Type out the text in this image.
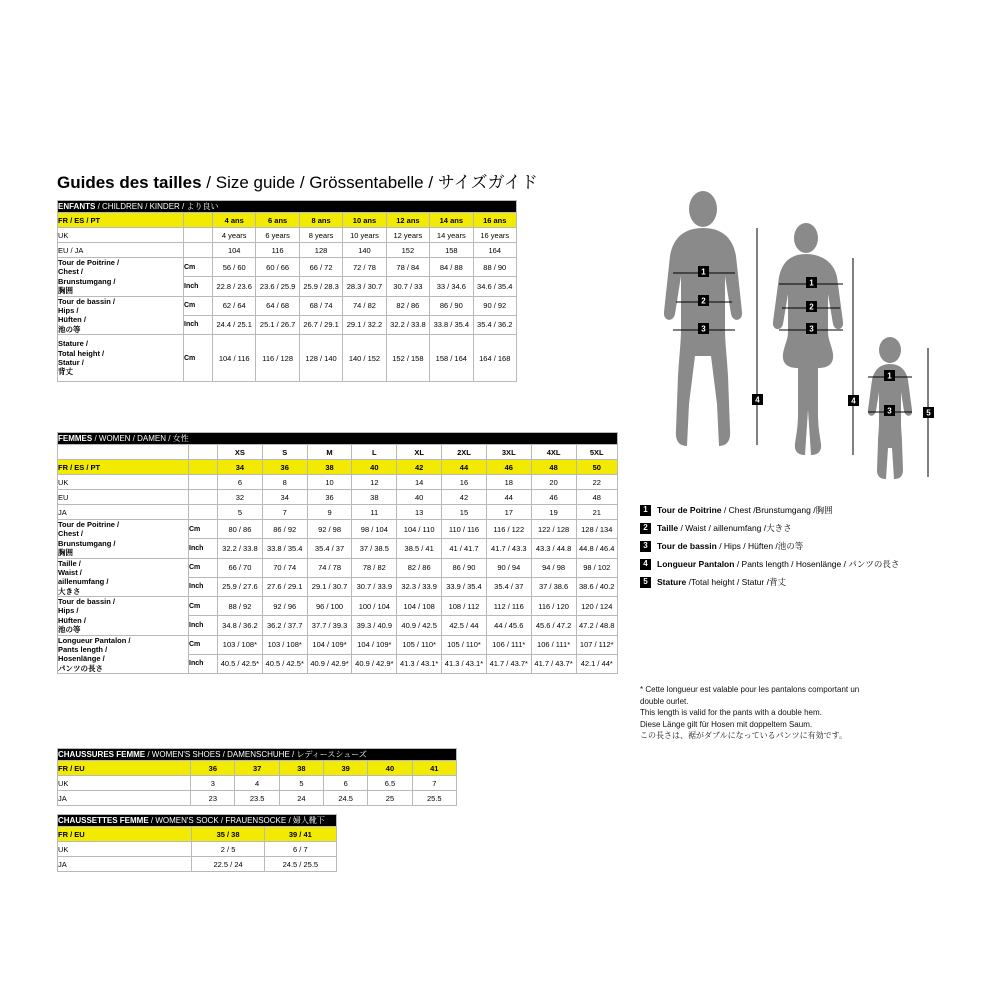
Guides des tailles / Size guide / Grössentabelle / サイズガイド
ENFANTS / CHILDREN / KINDER / より良い								
FR / ES / PT		4 ans	6 ans	8 ans	10 ans	12 ans	14 ans	16 ans
UK		4 years	6 years	8 years	10 years	12 years	14 years	16 years
EU / JA		104	116	128	140	152	158	164
Tour de Poitrine /
Chest /
Brunstumgang /
胸囲	Cm	56 / 60	60 / 66	66 / 72	72 / 78	78 / 84	84 / 88	88 / 90
	Inch	22.8 / 23.6	23.6 / 25.9	25.9 / 28.3	28.3 / 30.7	30.7 / 33	33 / 34.6	34.6 / 35.4
Tour de bassin /
Hips /
Hüften /
池の等	Cm	62 / 64	64 / 68	68 / 74	74 / 82	82 / 86	86 / 90	90 / 92
	Inch	24.4 / 25.1	25.1 / 26.7	26.7 / 29.1	29.1 / 32.2	32.2 / 33.8	33.8 / 35.4	35.4 / 36.2
Stature /
Total height /
Statur /
背丈	Cm	104 / 116	116 / 128	128 / 140	140 / 152	152 / 158	158 / 164	164 / 168
FEMMES / WOMEN / DAMEN / 女性										
		XS	S	M	L	XL	2XL	3XL	4XL	5XL
FR / ES / PT		34	36	38	40	42	44	46	48	50
UK		6	8	10	12	14	16	18	20	22
EU		32	34	36	38	40	42	44	46	48
JA		5	7	9	11	13	15	17	19	21
Tour de Poitrine /
Chest /
Brunstumgang /
胸囲	Cm	80 / 86	86 / 92	92 / 98	98 / 104	104 / 110	110 / 116	116 / 122	122 / 128	128 / 134
	Inch	32.2 / 33.8	33.8 / 35.4	35.4 / 37	37 / 38.5	38.5 / 41	41 / 41.7	41.7 / 43.3	43.3 / 44.8	44.8 / 46.4
Taille /
Waist /
aillenumfang /
大きさ	Cm	66 / 70	70 / 74	74 / 78	78 / 82	82 / 86	86 / 90	90 / 94	94 / 98	98 / 102
	Inch	25.9 / 27.6	27.6 / 29.1	29.1 / 30.7	30.7 / 33.9	32.3 / 33.9	33.9 / 35.4	35.4 / 37	37 / 38.6	38.6 / 40.2
Tour de bassin /
Hips /
Hüften /
池の等	Cm	88 / 92	92 / 96	96 / 100	100 / 104	104 / 108	108 / 112	112 / 116	116 / 120	120 / 124
	Inch	34.8 / 36.2	36.2 / 37.7	37.7 / 39.3	39.3 / 40.9	40.9 / 42.5	42.5 / 44	44 / 45.6	45.6 / 47.2	47.2 / 48.8
Longueur Pantalon /
Pants length /
Hosenlänge /
パンツの長さ	Cm	103 / 108*	103 / 108*	104 / 109*	104 / 109*	105 / 110*	105 / 110*	106 / 111*	106 / 111*	107 / 112*
	Inch	40.5 / 42.5*	40.5 / 42.5*	40.9 / 42.9*	40.9 / 42.9*	41.3 / 43.1*	41.3 / 43.1*	41.7 / 43.7*	41.7 / 43.7*	42.1 / 44*
CHAUSSURES FEMME / WOMEN'S SHOES / DAMENSCHUHE / レディースシューズ						
FR / EU	36	37	38	39	40	41
UK	3	4	5	6	6.5	7
JA	23	23.5	24	24.5	25	25.5
CHAUSSETTES FEMME / WOMEN'S SOCK / FRAUENSOCKE / 婦人靴下		
FR / EU	35 / 38	39 / 41
UK	2 / 5	6 / 7
JA	22.5 / 24	24.5 / 25.5
1
2
3
4
1
2
3
4
1
3	5
1	Tour de Poitrine / Chest /Brunstumgang /胸囲
2	Taille / Waist / aillenumfang /大きさ
3	Tour de bassin / Hips / Hüften /池の等
4	Longueur Pantalon / Pants length / Hosenlänge / パンツの長さ
5	Stature /Total height / Statur /背丈
* Cette longueur est valable pour les pantalons comportant un
double ourlet.
This length is valid for the pants with a double hem.
Diese Länge gilt für Hosen mit doppeltem Saum.
この長さは、裾がダブルになっているパンツに有効です。
